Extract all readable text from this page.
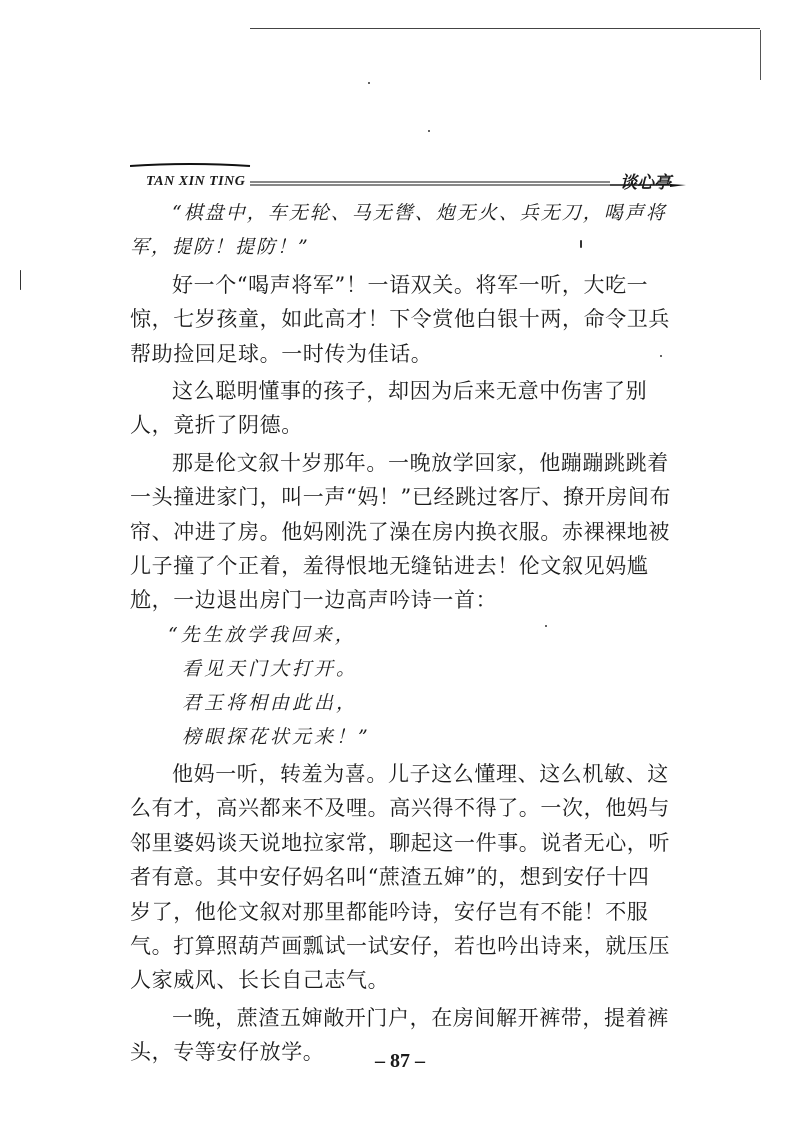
TAN XIN TING	谈心亭
“棋盘中，车无轮、马无辔、炮无火、兵无刀，喝声将
军，提防！提防！”
好一个“喝声将军”！一语双关。将军一听，大吃一
惊，七岁孩童，如此高才！下令赏他白银十两，命令卫兵
帮助捡回足球。一时传为佳话。
这么聪明懂事的孩子，却因为后来无意中伤害了别
人，竟折了阴德。
那是伦文叙十岁那年。一晚放学回家，他蹦蹦跳跳着
一头撞进家门，叫一声“妈！”已经跳过客厅、撩开房间布
帘、冲进了房。他妈刚洗了澡在房内换衣服。赤裸裸地被
儿子撞了个正着，羞得恨地无缝钻进去！伦文叙见妈尴
尬，一边退出房门一边高声吟诗一首：
“先生放学我回来，
看见天门大打开。
君王将相由此出，
榜眼探花状元来！”
他妈一听，转羞为喜。儿子这么懂理、这么机敏、这
么有才，高兴都来不及哩。高兴得不得了。一次，他妈与
邻里婆妈谈天说地拉家常，聊起这一件事。说者无心，听
者有意。其中安仔妈名叫“蔗渣五婶”的，想到安仔十四
岁了，他伦文叙对那里都能吟诗，安仔岂有不能！不服
气。打算照葫芦画瓢试一试安仔，若也吟出诗来，就压压
人家威风、长长自己志气。
一晚，蔗渣五婶敞开门户，在房间解开裤带，提着裤
头，专等安仔放学。	– 87 –
